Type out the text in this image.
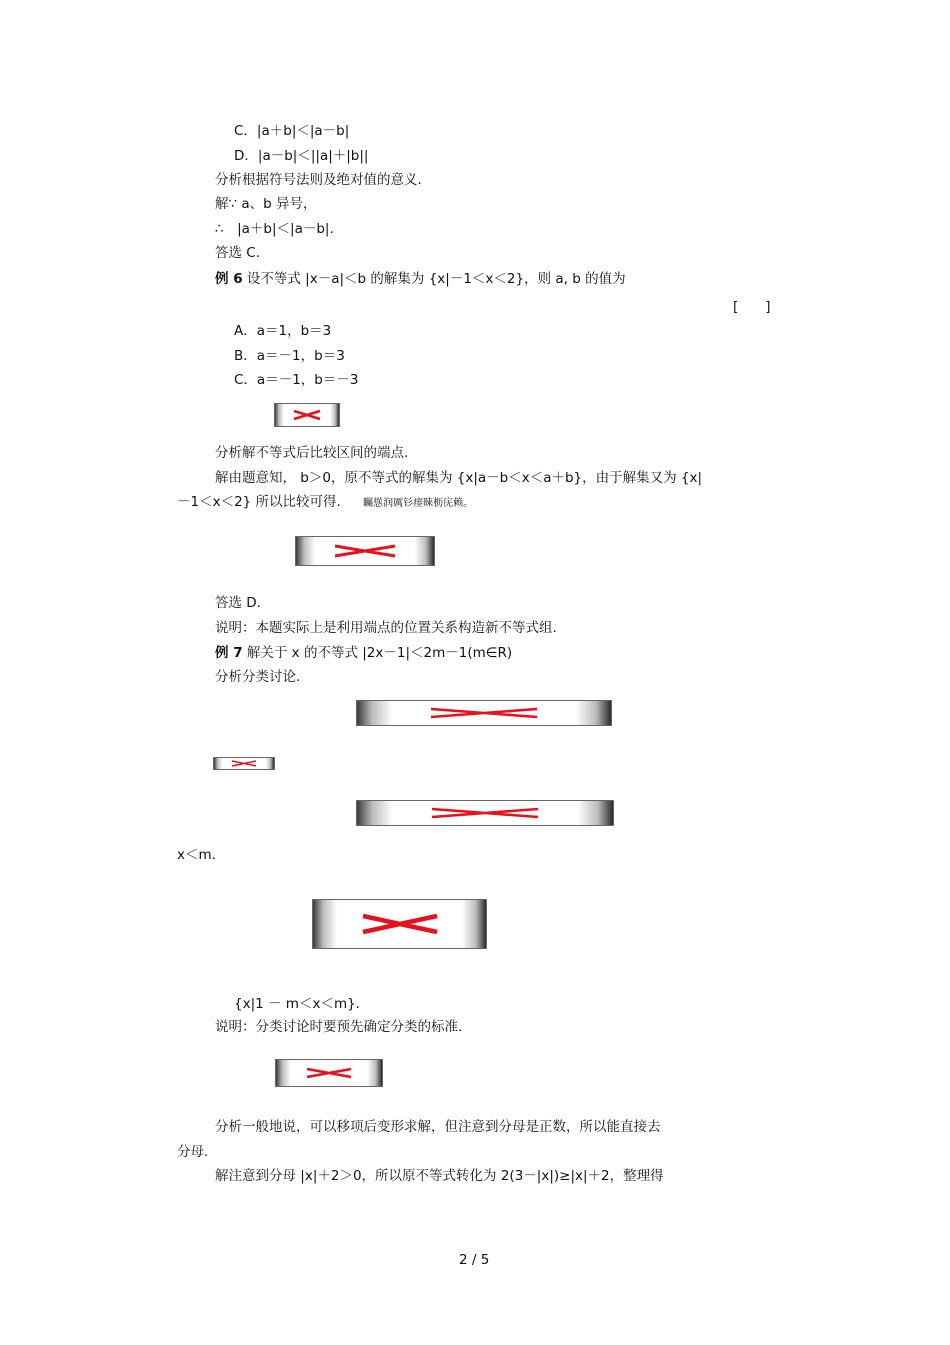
C．|a＋b|＜|a－b|
D．|a－b|＜||a|＋|b||
分析根据符号法则及绝对值的意义.
解∵ a、b 异号，
∴　|a＋b|＜|a－b|.
答选 C.
例 6 设不等式 |x－a|＜b 的解集为 {x|－1＜x＜2}，则 a, b 的值为
[　　]
A．a＝1，b＝3
B．a＝－1，b＝3
C．a＝－1，b＝－3
分析解不等式后比较区间的端点.
解由题意知， b＞0，原不等式的解集为 {x|a－b＜x＜a＋b}，由于解集又为 {x|
－1＜x＜2} 所以比较可得. 矚慫润厲钐瘗睞枥庑赖。
答选 D.
说明：本题实际上是利用端点的位置关系构造新不等式组.
例 7 解关于 x 的不等式 |2x－1|＜2m－1(m∈R)
分析分类讨论.
x＜m.
{x|1 － m＜x＜m}．
说明：分类讨论时要预先确定分类的标准.
分析一般地说，可以移项后变形求解，但注意到分母是正数，所以能直接去
分母.
解注意到分母 |x|＋2＞0，所以原不等式转化为 2(3－|x|)≥|x|＋2，整理得
2 / 5
